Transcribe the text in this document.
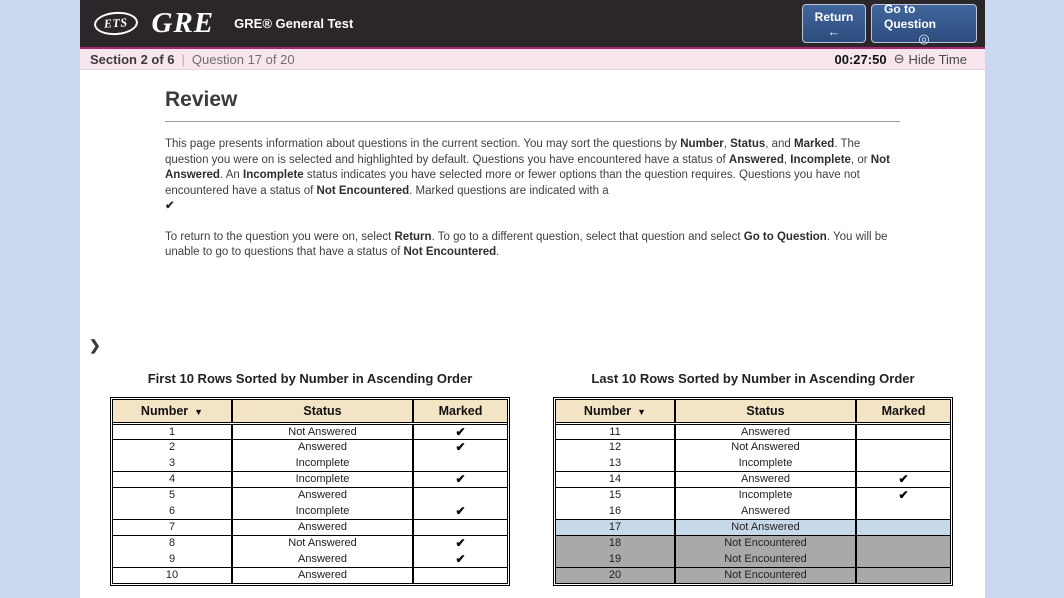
ETS GRE GRE® General Test	Return
←
Go to Question
◎
Section 2 of 6 | Question 17 of 20	00:27:50 ⊖ Hide Time
Review

This page presents information about questions in the current section. You may sort the questions by Number, Status, and Marked. The question you were on is selected and highlighted by default. Questions you have encountered have a status of Answered, Incomplete, or Not Answered. An Incomplete status indicates you have selected more or fewer options than the question requires. Questions you have not encountered have a status of Not Encountered. Marked questions are indicated with a
✔

To return to the question you were on, select Return. To go to a different question, select that question and select Go to Question. You will be unable to go to questions that have a status of Not Encountered.

❯
First 10 Rows Sorted by Number in Ascending Order
Number ▼	Status	Marked
1	Not Answered	✔
2	Answered	✔
3	Incomplete	
4	Incomplete	✔
5	Answered	
6	Incomplete	✔
7	Answered	
8	Not Answered	✔
9	Answered	✔
10	Answered	
Last 10 Rows Sorted by Number in Ascending Order
Number ▼	Status	Marked
11	Answered	
12	Not Answered	
13	Incomplete	
14	Answered	✔
15	Incomplete	✔
16	Answered	
17	Not Answered	
18	Not Encountered	
19	Not Encountered	
20	Not Encountered	
